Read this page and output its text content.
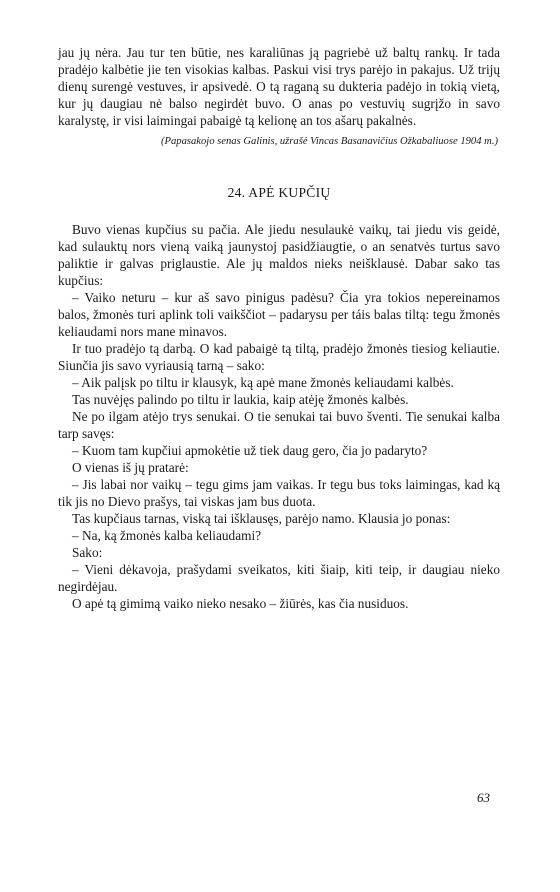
jau jų nėra. Jau tur ten būtie, nes karaliūnas ją pagriebė už baltų rankų. Ir tada pradėjo kalbėtie jie ten visokias kalbas. Paskui visi trys parėjo in pakajus. Už trijų dienų surengė vestuves, ir apsivedė. O tą raganą su dukteria padėjo in tokią vietą, kur jų daugiau nė balso negirdėt buvo. O anas po vestuvių sugrįžo in savo karalystę, ir visi laimingai pabaigė tą kelionę an tos ašarų pakalnės.

(Papasakojo senas Galinis, užrašė Vincas Basanavičius Ožkabaliuose 1904 m.)

24. APĖ KUPČIŲ

Buvo vienas kupčius su pačia. Ale jiedu nesulaukė vaikų, tai jiedu vis geidė, kad sulauktų nors vieną vaiką jaunystoj pasidžiaugtie, o an senatvės turtus savo paliktie ir galvas priglaustie. Ale jų maldos nieks neišklausė. Dabar sako tas kupčius:

– Vaiko neturu – kur aš savo pinigus padėsu? Čia yra tokios nepereinamos balos, žmonės turi aplink toli vaikščiot – padarysu per táis balas tiltą: tegu žmonės keliaudami nors mane minavos.

Ir tuo pradėjo tą darbą. O kad pabaigė tą tiltą, pradėjo žmonės tiesiog keliautie. Siunčia jis savo vyriausią tarną – sako:

– Aik palįsk po tiltu ir klausyk, ką apė mane žmonės keliaudami kalbės.

Tas nuvėjęs palindo po tiltu ir laukia, kaip atėję žmonės kalbės.

Ne po ilgam atėjo trys senukai. O tie senukai tai buvo šventi. Tie senukai kalba tarp savęs:

– Kuom tam kupčiui apmokėtie už tiek daug gero, čia jo padaryto?

O vienas iš jų pratarė:

– Jis labai nor vaikų – tegu gims jam vaikas. Ir tegu bus toks laimingas, kad ką tik jis no Dievo prašys, tai viskas jam bus duota.

Tas kupčiaus tarnas, viską tai išklausęs, parėjo namo. Klausia jo ponas:

– Na, ką žmonės kalba keliaudami?

Sako:

– Vieni dėkavoja, prašydami sveikatos, kiti šiaip, kiti teip, ir daugiau nieko negirdėjau.

O apė tą gimimą vaiko nieko nesako – žiūrės, kas čia nusiduos.

63
